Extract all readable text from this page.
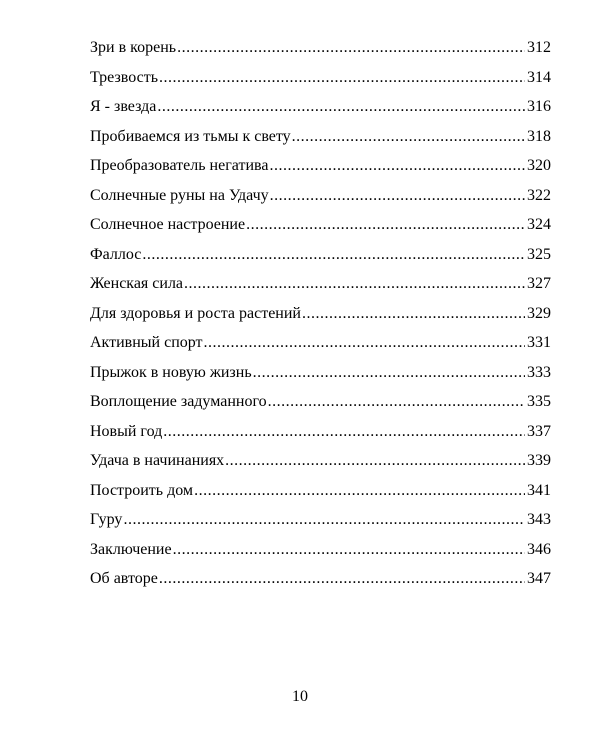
Зри в корень .....	312
Трезвость .....	314
Я - звезда .....	316
Пробиваемся из тьмы к свету .....	318
Преобразователь негатива .....	320
Солнечные руны на Удачу .....	322
Солнечное настроение .....	324
Фаллос .....	325
Женская сила .....	327
Для здоровья и роста растений .....	329
Активный спорт .....	331
Прыжок в новую жизнь .....	333
Воплощение задуманного .....	335
Новый год .....	337
Удача в начинаниях .....	339
Построить дом .....	341
Гуру .....	343
Заключение .....	346
Об авторе .....	347
10
